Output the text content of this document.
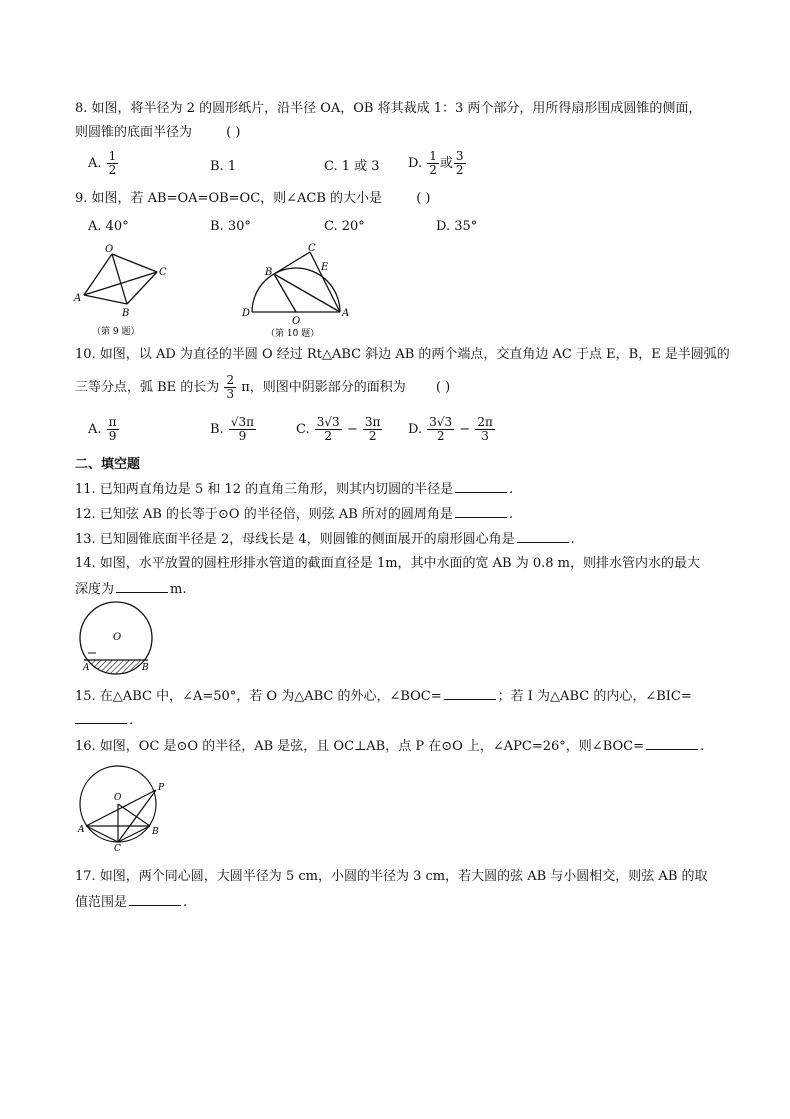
8. 如图，将半径为 2 的圆形纸片，沿半径 OA，OB 将其裁成 1：3 两个部分，用所得扇形围成圆锥的侧面，
则圆锥的底面半径为	( )
A. $\frac{1}{2}$	B. 1	C. 1 或 3 D. $\frac{1}{2}$ 或 $\frac{3}{2}$
9. 如图，若 AB=OA=OB=OC，则∠ACB 的大小是	( )
A. 40°	B. 30°	C. 20°	D. 35°
O
C
A
B
（第 9 题）
B
C
E
D
O
A
（第 10 题）
10. 如图，以 AD 为直径的半圆 O 经过 Rt△ABC 斜边 AB 的两个端点，交直角边 AC 于点 E，B，E 是半圆弧的
三等分点，弧 BE 的长为 $\frac{2}{3}$ π，则图中阴影部分的面积为 ( )
A. $\frac{\pi}{9}$	B. $\frac{√3\pi}{9}$	C. $\frac{3√3}{2} - \frac{3\pi}{2} D$. $\frac{3√3}{2} - \frac{2\pi}{3}$
二、填空题
11. 已知两直角边是 5 和 12 的直角三角形，则其内切圆的半径是	.
12. 已知弦 AB 的长等于⊙O 的半径倍，则弦 AB 所对的圆周角是	.
13. 已知圆锥底面半径是 2，母线长是 4，则圆锥的侧面展开的扇形圆心角是	.
14. 如图，水平放置的圆柱形排水管道的截面直径是 1m，其中水面的宽 AB 为 0.8 m，则排水管内水的最大
深度为	m.
O
A	B
15. 在△ABC 中，∠A=50°，若 O 为△ABC 的外心，∠BOC=	；若 I 为△ABC 的内心，∠BIC=
.
16. 如图，OC 是⊙O 的半径，AB 是弦，且 OC⊥AB，点 P 在⊙O 上，∠APC=26°，则∠BOC=	.
O
P
A	B
C
17. 如图，两个同心圆，大圆半径为 5 cm，小圆的半径为 3 cm，若大圆的弦 AB 与小圆相交，则弦 AB 的取
值范围是	.
